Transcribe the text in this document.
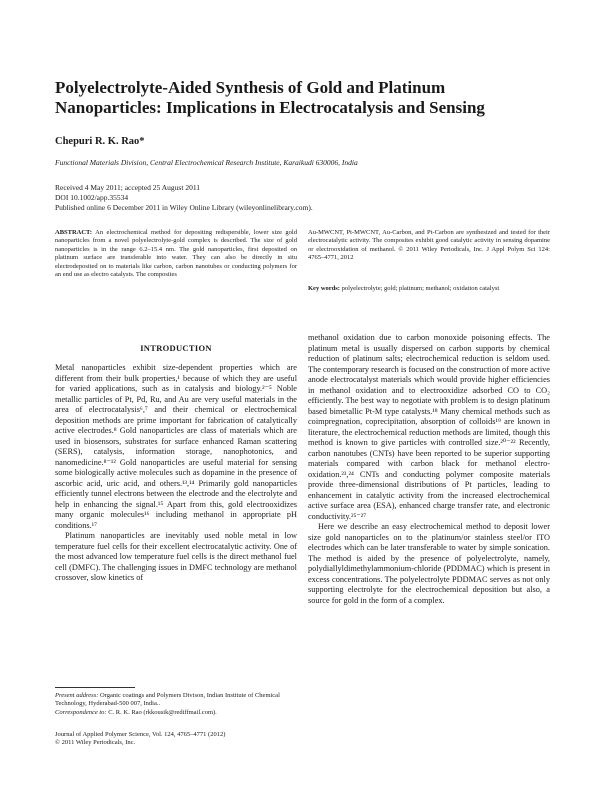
Polyelectrolyte-Aided Synthesis of Gold and Platinum Nanoparticles: Implications in Electrocatalysis and Sensing
Chepuri R. K. Rao*
Functional Materials Division, Central Electrochemical Research Institute, Karaikudi 630006, India
Received 4 May 2011; accepted 25 August 2011
DOI 10.1002/app.35534
Published online 6 December 2011 in Wiley Online Library (wileyonlinelibrary.com).

ABSTRACT: An electrochemical method for depositing redispersible, lower size gold nanoparticles from a novel polyelectrolyte-gold complex is described. The size of gold nanoparticles is in the range 6.2–15.4 nm. The gold nanoparticles, first deposited on platinum surface are transferable into water. They can also be directly in situ electrodeposited on to materials like carbon, carbon nanotubes or conducting polymers for an end use as electro catalysts. The composites

Au-MWCNT, Pt-MWCNT, Au-Carbon, and Pt-Carbon are synthesized and tested for their electrocatalytic activity. The composites exhibit good catalytic activity in sensing dopamine or electrooxidation of methanol. © 2011 Wiley Periodicals, Inc. J Appl Polym Sci 124: 4765–4771, 2012

Key words: polyelectrolyte; gold; platinum; methanol; oxidation catalyst

INTRODUCTION

Metal nanoparticles exhibit size-dependent properties which are different from their bulk properties,¹ because of which they are useful for varied applications, such as in catalysis and biology.²⁻⁵ Noble metallic particles of Pt, Pd, Ru, and Au are very useful materials in the area of electrocatalysis⁶,⁷ and their chemical or electrochemical deposition methods are prime important for fabrication of catalytically active electrodes.⁸ Gold nanoparticles are class of materials which are used in biosensors, substrates for surface enhanced Raman scattering (SERS), catalysis, information storage, nanophotonics, and nanomedicine.⁸⁻¹² Gold nanoparticles are useful material for sensing some biologically active molecules such as dopamine in the presence of ascorbic acid, uric acid, and others.¹³,¹⁴ Primarily gold nanoparticles efficiently tunnel electrons between the electrode and the electrolyte and help in enhancing the signal.¹⁵ Apart from this, gold electrooxidizes many organic molecules¹⁶ including methanol in appropriate pH conditions.¹⁷

Platinum nanoparticles are inevitably used noble metal in low temperature fuel cells for their excellent electrocatalytic activity. One of the most advanced low temperature fuel cells is the direct methanol fuel cell (DMFC). The challenging issues in DMFC technology are methanol crossover, slow kinetics of

methanol oxidation due to carbon monoxide poisoning effects. The platinum metal is usually dispersed on carbon supports by chemical reduction of platinum salts; electrochemical reduction is seldom used. The contemporary research is focused on the construction of more active anode electrocatalyst materials which would provide higher efficiencies in methanol oxidation and to electrooxidize adsorbed CO to CO₂ efficiently. The best way to negotiate with problem is to design platinum based bimetallic Pt-M type catalysts.¹⁸ Many chemical methods such as coimpregnation, coprecipitation, absorption of colloids¹⁹ are known in literature, the electrochemical reduction methods are limited, though this method is known to give particles with controlled size.²⁰⁻²² Recently, carbon nanotubes (CNTs) have been reported to be superior supporting materials compared with carbon black for methanol electro-oxidation.²³,²⁴ CNTs and conducting polymer composite materials provide three-dimensional distributions of Pt particles, leading to enhancement in catalytic activity from the increased electrochemical active surface area (ESA), enhanced charge transfer rate, and electronic conductivity.²⁵⁻²⁷

Here we describe an easy electrochemical method to deposit lower size gold nanoparticles on to the platinum/or stainless steel/or ITO electrodes which can be later transferable to water by simple sonication. The method is aided by the presence of polyelectrolyte, namely, polydiallyldimethylammonium-chloride (PDDMAC) which is present in excess concentrations. The polyelectrolyte PDDMAC serves as not only supporting electrolyte for the electrochemical deposition but also, a source for gold in the form of a complex.

Present address: Organic coatings and Polymers Divison, Indian Institute of Chemical Technology, Hyderabad-500 007, India..

Correspondence to: C. R. K. Rao (rkkousik@rediffmail.com).

Journal of Applied Polymer Science, Vol. 124, 4765–4771 (2012)
© 2011 Wiley Periodicals, Inc.
